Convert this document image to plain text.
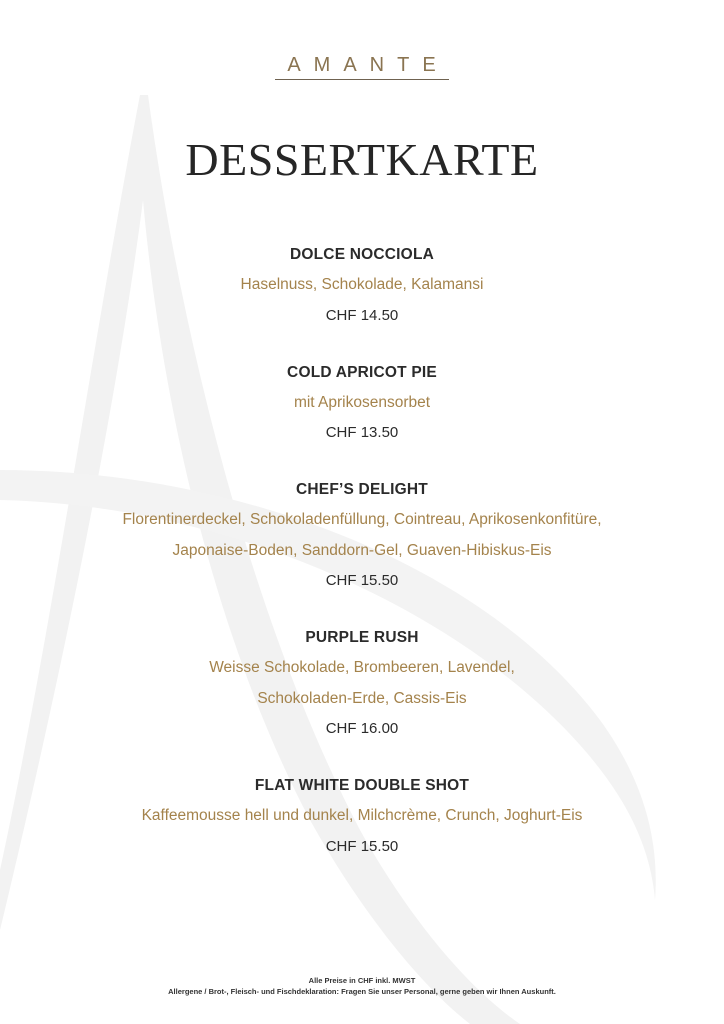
AMANTE
DESSERTKARTE
DOLCE NOCCIOLA
Haselnuss, Schokolade, Kalamansi
CHF 14.50
COLD APRICOT PIE
mit Aprikosensorbet
CHF 13.50
CHEF’S DELIGHT
Florentinerdeckel, Schokoladenfüllung, Cointreau, Aprikosenkonfitüre,
Japonaise-Boden, Sanddorn-Gel, Guaven-Hibiskus-Eis
CHF 15.50
PURPLE RUSH
Weisse Schokolade, Brombeeren, Lavendel,
Schokoladen-Erde, Cassis-Eis
CHF 16.00
FLAT WHITE DOUBLE SHOT
Kaffeemousse hell und dunkel, Milchcrème, Crunch, Joghurt-Eis
CHF 15.50
Alle Preise in CHF inkl. MWST
Allergene / Brot-, Fleisch- und Fischdeklaration: Fragen Sie unser Personal, gerne geben wir Ihnen Auskunft.
